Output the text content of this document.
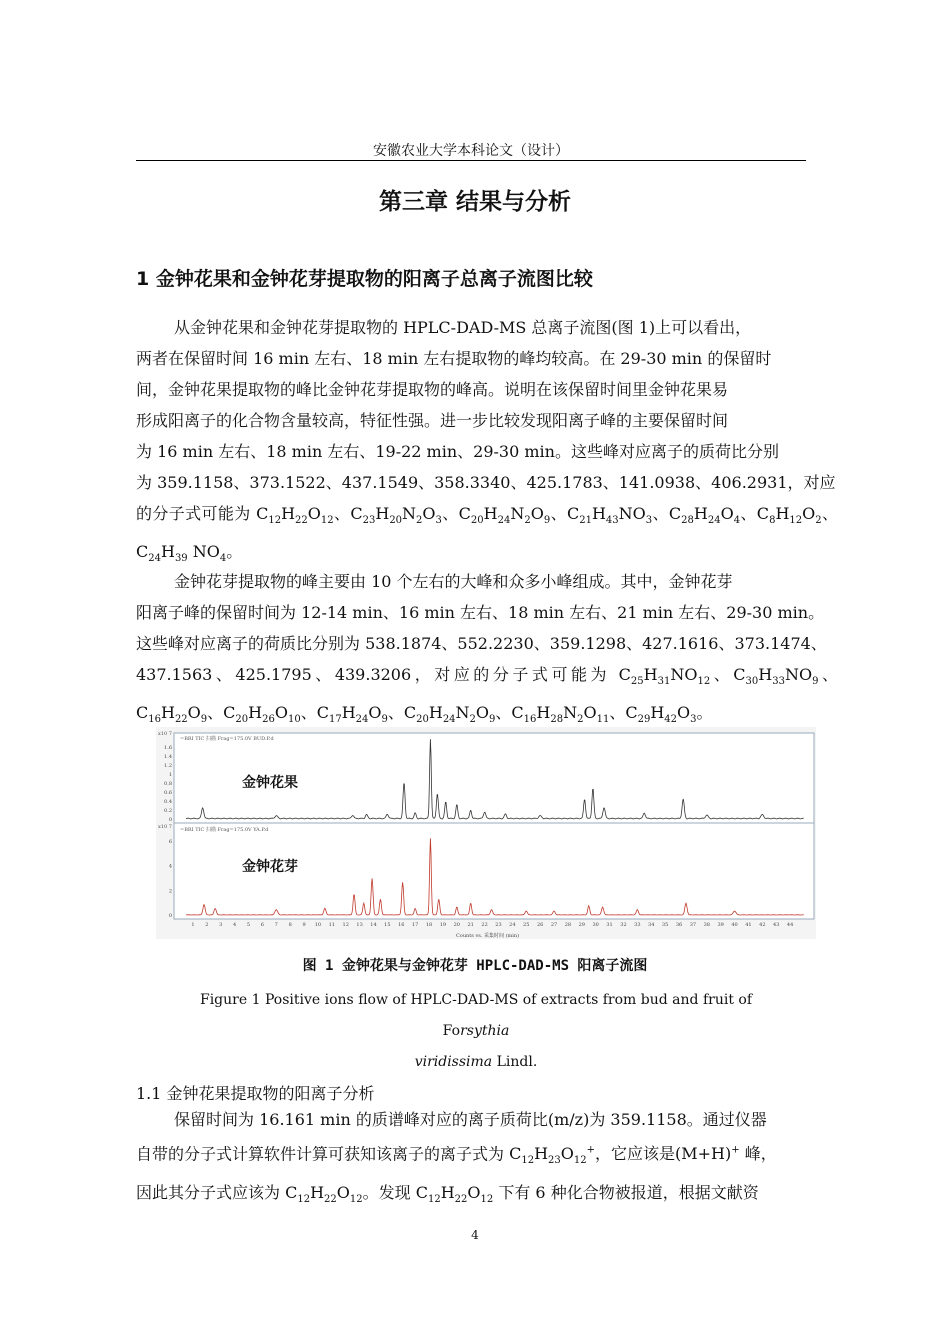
安徽农业大学本科论文（设计）
第三章 结果与分析
1 金钟花果和金钟花芽提取物的阳离子总离子流图比较

从金钟花果和金钟花芽提取物的 HPLC-DAD-MS 总离子流图(图 1)上可以看出，

两者在保留时间 16 min 左右、18 min 左右提取物的峰均较高。在 29-30 min 的保留时

间，金钟花果提取物的峰比金钟花芽提取物的峰高。说明在该保留时间里金钟花果易

形成阳离子的化合物含量较高，特征性强。进一步比较发现阳离子峰的主要保留时间

为 16 min 左右、18 min 左右、19-22 min、29-30 min。这些峰对应离子的质荷比分别

为 359.1158、373.1522、437.1549、358.3340、425.1783、141.0938、406.2931，对应

的分子式可能为 $C_{12}H_{22}O_{12}$、$C_{23}H_{20}N_2O_3$、$C_{20}H_{24}N_2O_9$、$C_{21}H_{43}NO_3$、$C_{28}H_{24}O_4$、$C_8H_{12}O_2$、$C_{24}H_{39}$ $NO_4$。

金钟花芽提取物的峰主要由 10 个左右的大峰和众多小峰组成。其中，金钟花芽

阳离子峰的保留时间为 12-14 min、16 min 左右、18 min 左右、21 min 左右、29-30 min。

这些峰对应离子的荷质比分别为 538.1874、552.2230、359.1298、427.1616、373.1474、

437.1563、425.1795、439.3206，对应的分子式可能为 $C_{25}H_{31}NO_{12}$、$C_{30}H_{33}NO_9$、$C_{16}H_{22}O_9$、$C_{20}H_{26}O_{10}$、$C_{17}H_{24}O_9$、$C_{20}H_{24}N_2O_9$、$C_{16}H_{28}N_2O_{11}$、$C_{29}H_{42}O_3$。

x10 7
=BRI TIC 扫描 Frag=175.0V BUD.P.d
金钟花果
1.6
1.4
1.2
1
0.8
0.6
0.4
0.2
0
x10 7 =BRI TIC 扫描 Frag=175.0V YA.P.d
金钟花芽
6
4
2
0
1 2 3 4 5 6 7 8 9 10 11 12 13 14 15 16 17 18 19 20 21 22 23 24 25 26 27 28 29 30 31 32 33 34 35 36 37 38 39 40 41 42 43 44
Counts vs. 采集时间 (min)
图 1 金钟花果与金钟花芽 HPLC-DAD-MS 阳离子流图
Figure 1 Positive ions flow of HPLC-DAD-MS of extracts from bud and fruit of Forsythia
viridissima Lindl.
1.1 金钟花果提取物的阳离子分析

保留时间为 16.161 min 的质谱峰对应的离子质荷比(m/z)为 359.1158。通过仪器

自带的分子式计算软件计算可获知该离子的离子式为 $C_{12}H_{23}O_{12}^+$，它应该是(M+H)+ 峰，

因此其分子式应该为 $C_{12}H_{22}O_{12}$。发现 $C_{12}H_{22}O_{12}$ 下有 6 种化合物被报道，根据文献资

4
